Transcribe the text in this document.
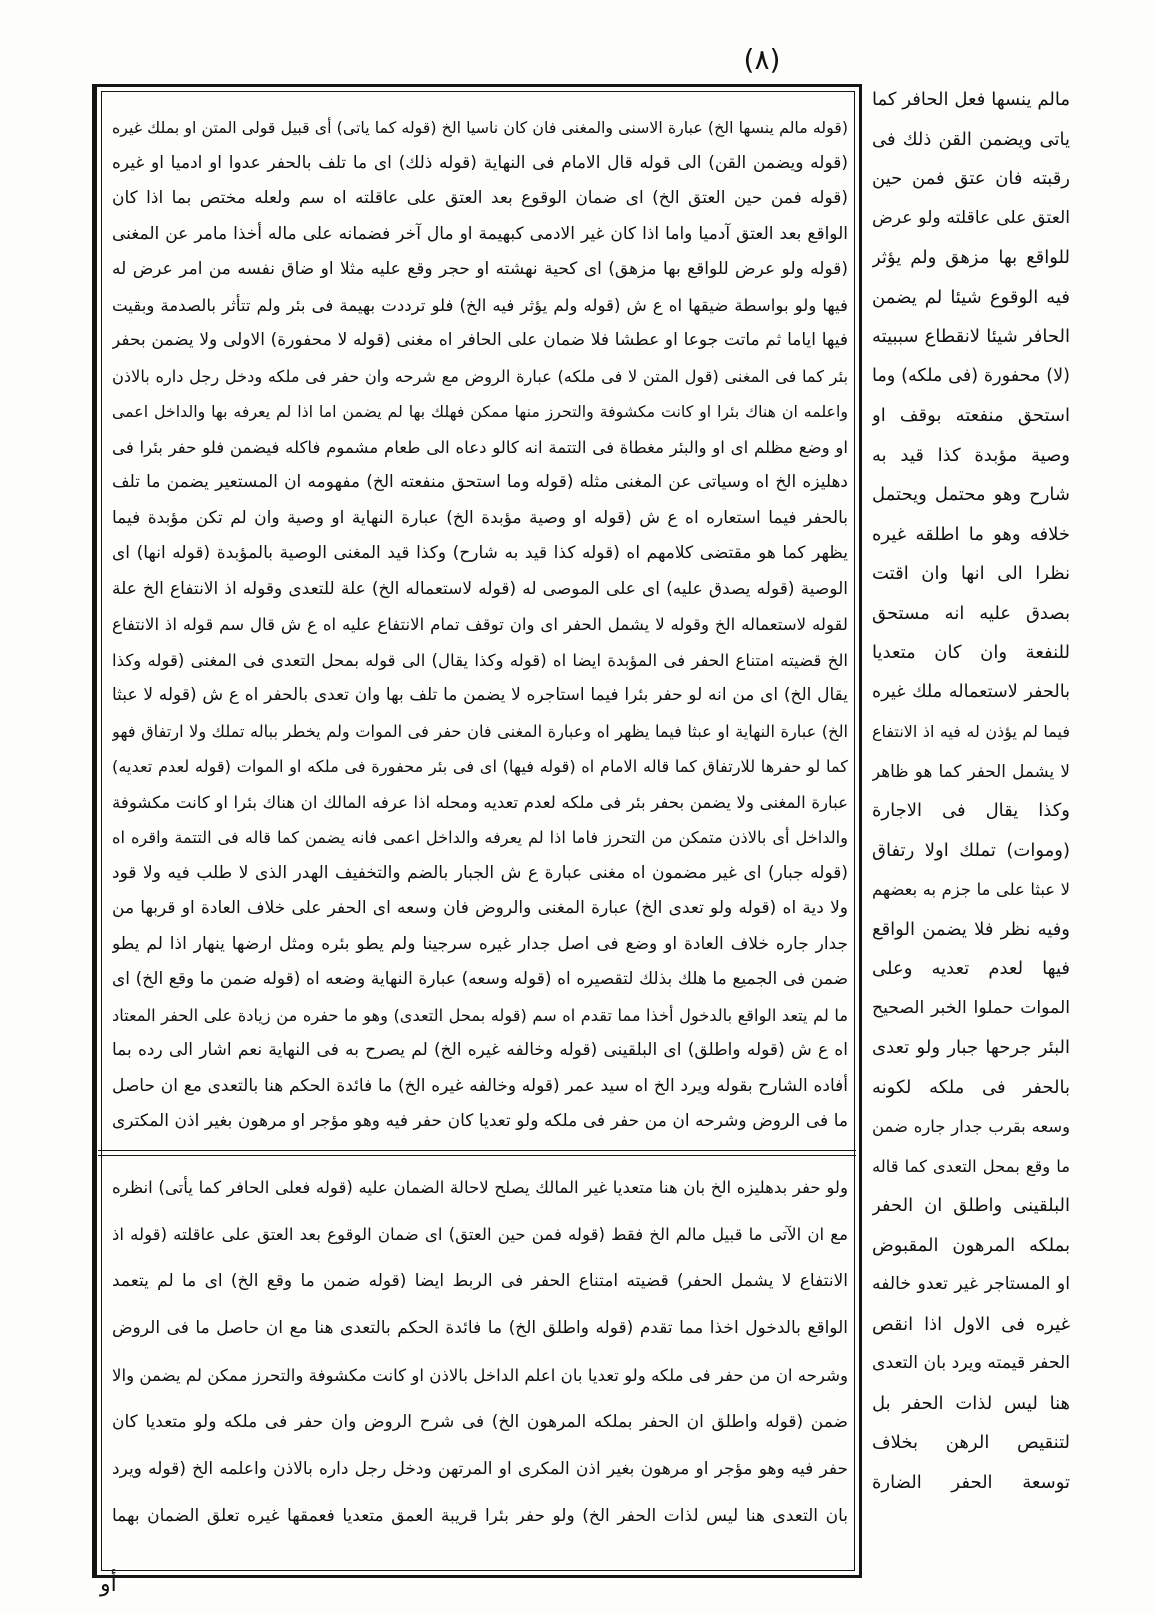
(٨)
(قوله مالم ينسها الخ) عبارة الاسنى والمغنى فان كان ناسيا الخ (قوله كما ياتى) أى قبيل قولى المتن او بملك غيره
(قوله ويضمن القن) الى قوله قال الامام فى النهاية (قوله ذلك) اى ما تلف بالحفر عدوا او ادميا او غيره
(قوله فمن حين العتق الخ) اى ضمان الوقوع بعد العتق على عاقلته اه سم ولعله مختص بما اذا كان
الواقع بعد العتق آدميا واما اذا كان غير الادمى كبهيمة او مال آخر فضمانه على ماله أخذا مامر عن المغنى
(قوله ولو عرض للواقع بها مزهق) اى كحية نهشته او حجر وقع عليه مثلا او ضاق نفسه من امر عرض له
فيها ولو بواسطة ضيقها اه ع ش (قوله ولم يؤثر فيه الخ) فلو ترددت بهيمة فى بئر ولم تتأثر بالصدمة وبقيت
فيها اياما ثم ماتت جوعا او عطشا فلا ضمان على الحافر اه مغنى (قوله لا محفورة) الاولى ولا يضمن بحفر
بئر كما فى المغنى (قول المتن لا فى ملكه) عبارة الروض مع شرحه وان حفر فى ملكه ودخل رجل داره بالاذن
واعلمه ان هناك بئرا او كانت مكشوفة والتحرز منها ممكن فهلك بها لم يضمن اما اذا لم يعرفه بها والداخل اعمى
او وضع مظلم اى او والبئر مغطاة فى التتمة انه كالو دعاه الى طعام مشموم فاكله فيضمن فلو حفر بئرا فى
دهليزه الخ اه وسياتى عن المغنى مثله (قوله وما استحق منفعته الخ) مفهومه ان المستعير يضمن ما تلف
بالحفر فيما استعاره اه ع ش (قوله او وصية مؤبدة الخ) عبارة النهاية او وصية وان لم تكن مؤبدة فيما
يظهر كما هو مقتضى كلامهم اه (قوله كذا قيد به شارح) وكذا قيد المغنى الوصية بالمؤبدة (قوله انها) اى
الوصية (قوله يصدق عليه) اى على الموصى له (قوله لاستعماله الخ) علة للتعدى وقوله اذ الانتفاع الخ علة
لقوله لاستعماله الخ وقوله لا يشمل الحفر اى وان توقف تمام الانتفاع عليه اه ع ش قال سم قوله اذ الانتفاع
الخ قضيته امتناع الحفر فى المؤبدة ايضا اه (قوله وكذا يقال) الى قوله بمحل التعدى فى المغنى (قوله وكذا
يقال الخ) اى من انه لو حفر بئرا فيما استاجره لا يضمن ما تلف بها وان تعدى بالحفر اه ع ش (قوله لا عبثا
الخ) عبارة النهاية او عبثا فيما يظهر اه وعبارة المغنى فان حفر فى الموات ولم يخطر بباله تملك ولا ارتفاق فهو
كما لو حفرها للارتفاق كما قاله الامام اه (قوله فيها) اى فى بئر محفورة فى ملكه او الموات (قوله لعدم تعديه)
عبارة المغنى ولا يضمن بحفر بئر فى ملكه لعدم تعديه ومحله اذا عرفه المالك ان هناك بئرا او كانت مكشوفة
والداخل أى بالاذن متمكن من التحرز فاما اذا لم يعرفه والداخل اعمى فانه يضمن كما قاله فى التتمة واقره اه
(قوله جبار) اى غير مضمون اه مغنى عبارة ع ش الجبار بالضم والتخفيف الهدر الذى لا طلب فيه ولا قود
ولا دية اه (قوله ولو تعدى الخ) عبارة المغنى والروض فان وسعه اى الحفر على خلاف العادة او قربها من
جدار جاره خلاف العادة او وضع فى اصل جدار غيره سرجينا ولم يطو بئره ومثل ارضها ينهار اذا لم يطو
ضمن فى الجميع ما هلك بذلك لتقصيره اه (قوله وسعه) عبارة النهاية وضعه اه (قوله ضمن ما وقع الخ) اى
ما لم يتعد الواقع بالدخول أخذا مما تقدم اه سم (قوله بمحل التعدى) وهو ما حفره من زيادة على الحفر المعتاد
اه ع ش (قوله واطلق) اى البلقينى (قوله وخالفه غيره الخ) لم يصرح به فى النهاية نعم اشار الى رده بما
أفاده الشارح بقوله ويرد الخ اه سيد عمر (قوله وخالفه غيره الخ) ما فائدة الحكم هنا بالتعدى مع ان حاصل
ما فى الروض وشرحه ان من حفر فى ملكه ولو تعديا كان حفر فيه وهو مؤجر او مرهون بغير اذن المكترى
ولو حفر بدهليزه الخ بان هنا متعديا غير المالك يصلح لاحالة الضمان عليه (قوله فعلى الحافر كما يأتى) انظره
مع ان الآتى ما قبيل مالم الخ فقط (قوله فمن حين العتق) اى ضمان الوقوع بعد العتق على عاقلته (قوله اذ
الانتفاع لا يشمل الحفر) قضيته امتناع الحفر فى الربط ايضا (قوله ضمن ما وقع الخ) اى ما لم يتعمد
الواقع بالدخول اخذا مما تقدم (قوله واطلق الخ) ما فائدة الحكم بالتعدى هنا مع ان حاصل ما فى الروض
وشرحه ان من حفر فى ملكه ولو تعديا بان اعلم الداخل بالاذن او كانت مكشوفة والتحرز ممكن لم يضمن والا
ضمن (قوله واطلق ان الحفر بملكه المرهون الخ) فى شرح الروض وان حفر فى ملكه ولو متعديا كان
حفر فيه وهو مؤجر او مرهون بغير اذن المكرى او المرتهن ودخل رجل داره بالاذن واعلمه الخ (قوله ويرد
بان التعدى هنا ليس لذات الحفر الخ) ولو حفر بئرا قريبة العمق متعديا فعمقها غيره تعلق الضمان بهما
مالم ينسها فعل الحافر كما
ياتى ويضمن القن ذلك فى
رقبته فان عتق فمن حين
العتق على عاقلته ولو عرض
للواقع بها مزهق ولم يؤثر
فيه الوقوع شيئا لم يضمن
الحافر شيئا لانقطاع سببيته
(لا) محفورة (فى ملكه) وما
استحق منفعته بوقف او
وصية مؤبدة كذا قيد به
شارح وهو محتمل ويحتمل
خلافه وهو ما اطلقه غيره
نظرا الى انها وان اقتت
بصدق عليه انه مستحق
للنفعة وان كان متعديا
بالحفر لاستعماله ملك غيره
فيما لم يؤذن له فيه اذ الانتفاع
لا يشمل الحفر كما هو ظاهر
وكذا يقال فى الاجارة
(وموات) تملك اولا رتفاق
لا عبثا على ما جزم به بعضهم
وفيه نظر فلا يضمن الواقع
فيها لعدم تعديه وعلى
الموات حملوا الخبر الصحيح
البئر جرحها جبار ولو تعدى
بالحفر فى ملكه لكونه
وسعه بقرب جدار جاره ضمن
ما وقع بمحل التعدى كما قاله
البلقينى واطلق ان الحفر
بملكه المرهون المقبوض
او المستاجر غير تعدو خالفه
غيره فى الاول اذا انقص
الحفر قيمته ويرد بان التعدى
هنا ليس لذات الحفر بل
لتنقيص الرهن بخلاف
توسعة الحفر الضارة
أو
